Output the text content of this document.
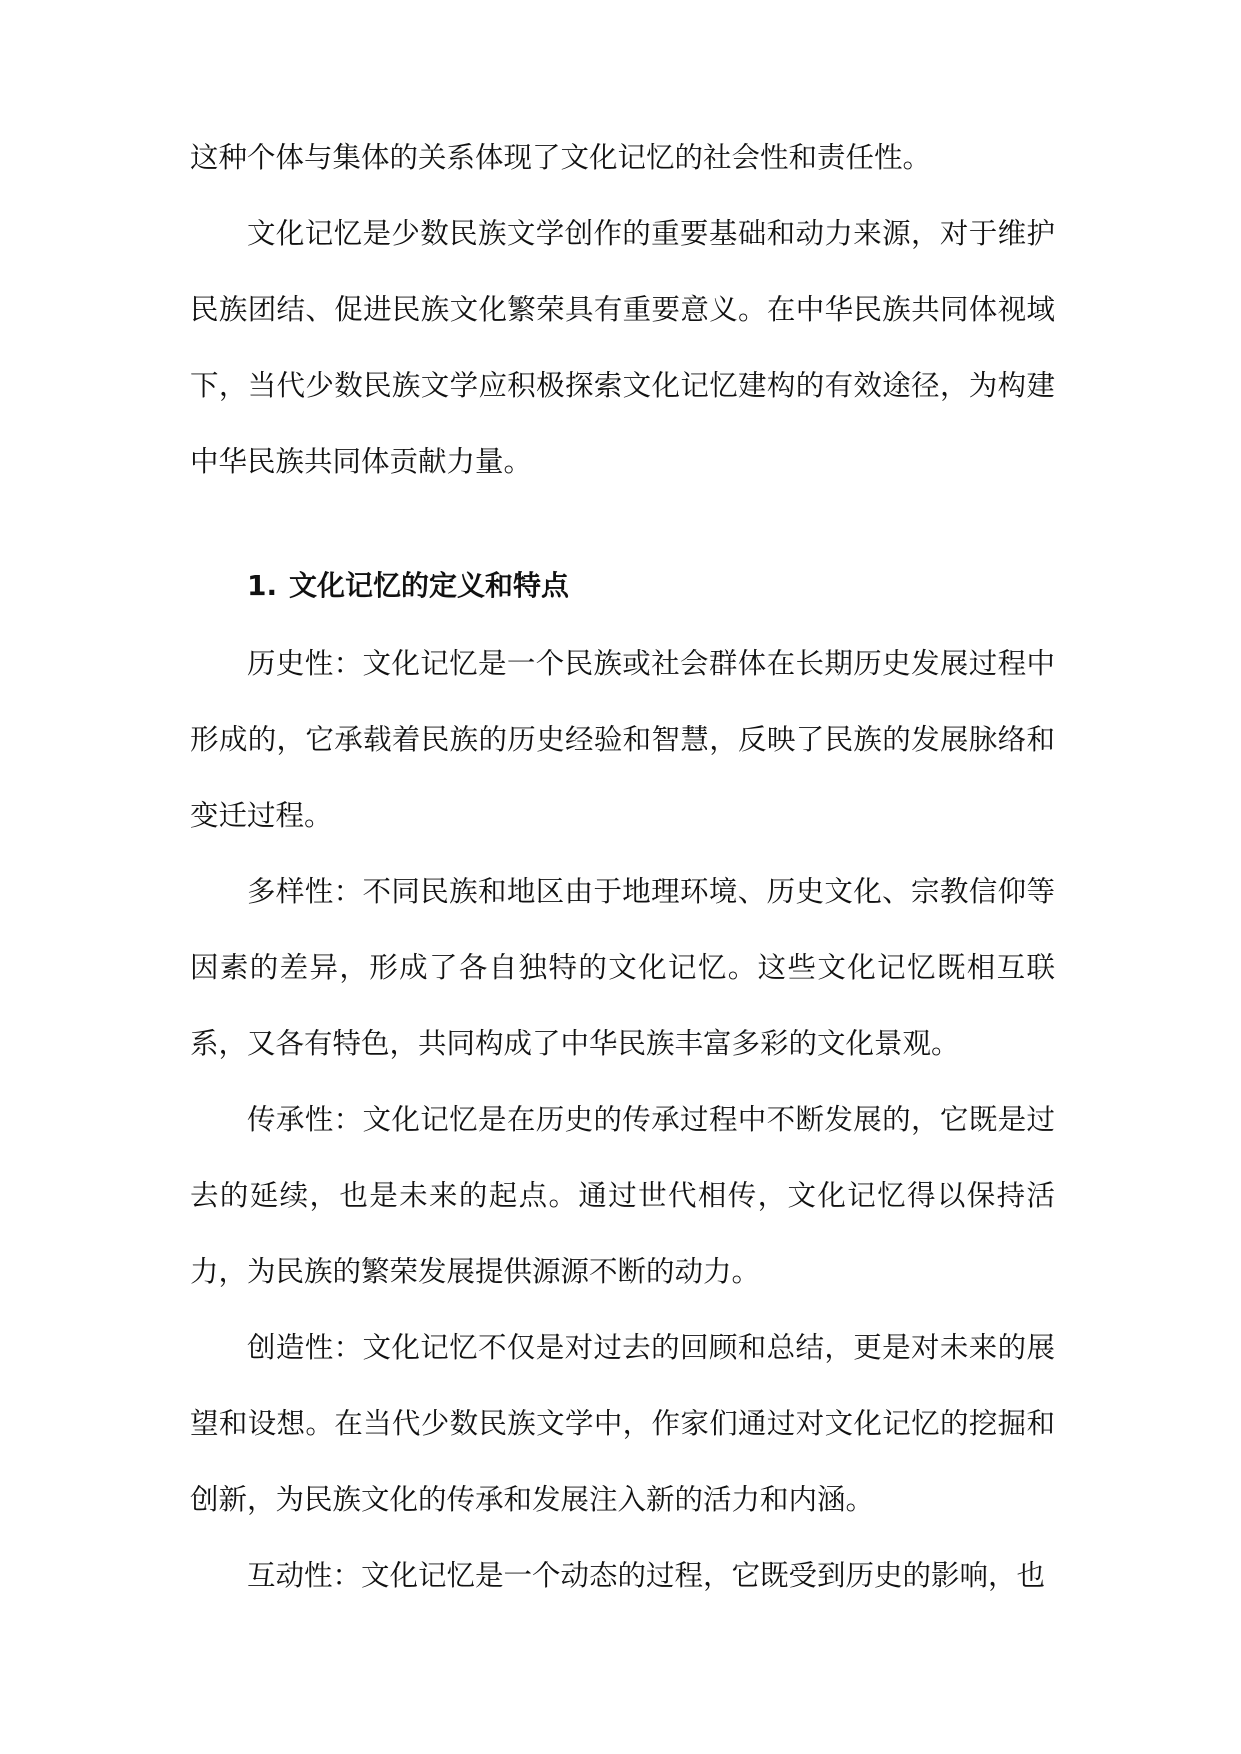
这种个体与集体的关系体现了文化记忆的社会性和责任性。

文化记忆是少数民族文学创作的重要基础和动力来源，对于维护民族团结、促进民族文化繁荣具有重要意义。在中华民族共同体视域下，当代少数民族文学应积极探索文化记忆建构的有效途径，为构建中华民族共同体贡献力量。

1. 文化记忆的定义和特点

历史性：文化记忆是一个民族或社会群体在长期历史发展过程中形成的，它承载着民族的历史经验和智慧，反映了民族的发展脉络和变迁过程。

多样性：不同民族和地区由于地理环境、历史文化、宗教信仰等因素的差异，形成了各自独特的文化记忆。这些文化记忆既相互联系，又各有特色，共同构成了中华民族丰富多彩的文化景观。

传承性：文化记忆是在历史的传承过程中不断发展的，它既是过去的延续，也是未来的起点。通过世代相传，文化记忆得以保持活力，为民族的繁荣发展提供源源不断的动力。

创造性：文化记忆不仅是对过去的回顾和总结，更是对未来的展望和设想。在当代少数民族文学中，作家们通过对文化记忆的挖掘和创新，为民族文化的传承和发展注入新的活力和内涵。

互动性：文化记忆是一个动态的过程，它既受到历史的影响，也
